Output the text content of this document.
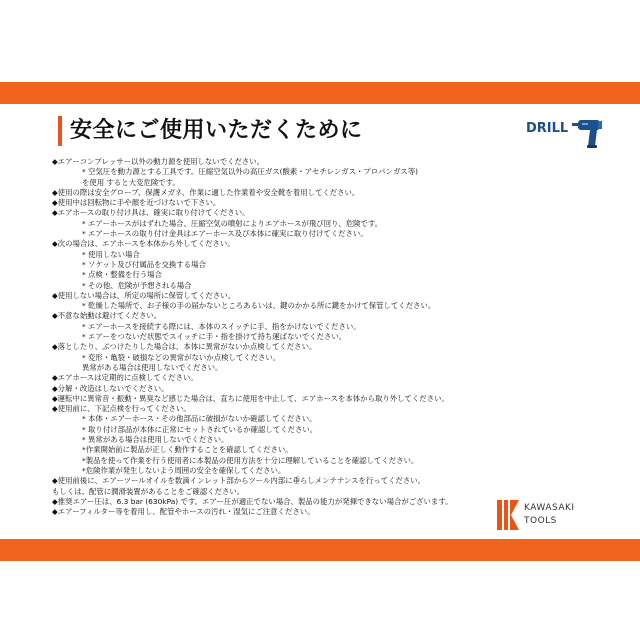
安全にご使用いただくために	DRILL
◆エアーコンプレッサー以外の動力源を使用しないでください。
* 空気圧を動力源とする工具です。圧縮空気以外の高圧ガス(酸素・アセチレンガス・プロパンガス等)
を使用 すると大変危険です。
◆使用の際は安全グローブ、保護メガネ、作業に適した作業着や安全靴を着用してください。
◆使用中は回転物に手や顔を近づけないで下さい。
◆エアホースの取り付け具は、確実に取り付けてください。
* エアーホースがはずれた場合、圧縮空気の噴射によりエアホースが飛び回り、危険です。
* エアーホースの取り付け金具はエアーホース及び本体に確実に取り付けてください。
◆次の場合は、エアホースを本体から外してください。
* 使用しない場合
* ソケット及び付属品を交換する場合
* 点検・整備を行う場合
* その他、危険が予想される場合
◆使用しない場合は、所定の場所に保管してください。
* 乾燥した場所で、お子様の手の届かないところあるいは、鍵のかかる所に鍵をかけて保管してください。
◆不意な始動は避けてください。
* エアーホースを接続する際には、本体のスイッチに手、指をかけないでください。
* エアーをつないだ状態でスイッチに手・指を掛けて持ち運ばないでください。
◆落としたり、ぶつけたりした場合は、本体に異常がないか点検してください。
* 変形・亀裂・破損などの異常がないか点検してください。
異常がある場合は使用しないでください。
◆エアホースは定期的に点検してください。
◆分解・改造はしないでください。
◆運転中に異常音・振動・異臭など感じた場合は、直ちに使用を中止して、エアホースを本体から取り外してください。
◆使用前に、下記点検を行ってください。
* 本体・エアーホース・その他部品に破損がないか確認してください。
* 取り付け部品が本体に正常にセットされているか確認してください。
* 異常がある場合は使用しないでください。
*作業開始前に製品が正しく動作することを確認してください。
*製品を使って作業を行う使用者に本製品の使用方法を十分に理解していることを確認してください。
*危険作業が発生しないよう周囲の安全を確保してください。
◆使用前後に、エアーツールオイルを数滴インレット部からツール内部に垂らしメンテナンスを行ってください。
もしくは、配管に潤滑装置があることをご確認ください。
◆推奨エアー圧は、6.3 bar (630kPa) です。エアー圧が適正でない場合、製品の能力が発揮できない場合がございます。
◆エアーフィルター等を着用し、配管やホースの汚れ・湿気にご注意ください。	KAWASAKI
TOOLS
